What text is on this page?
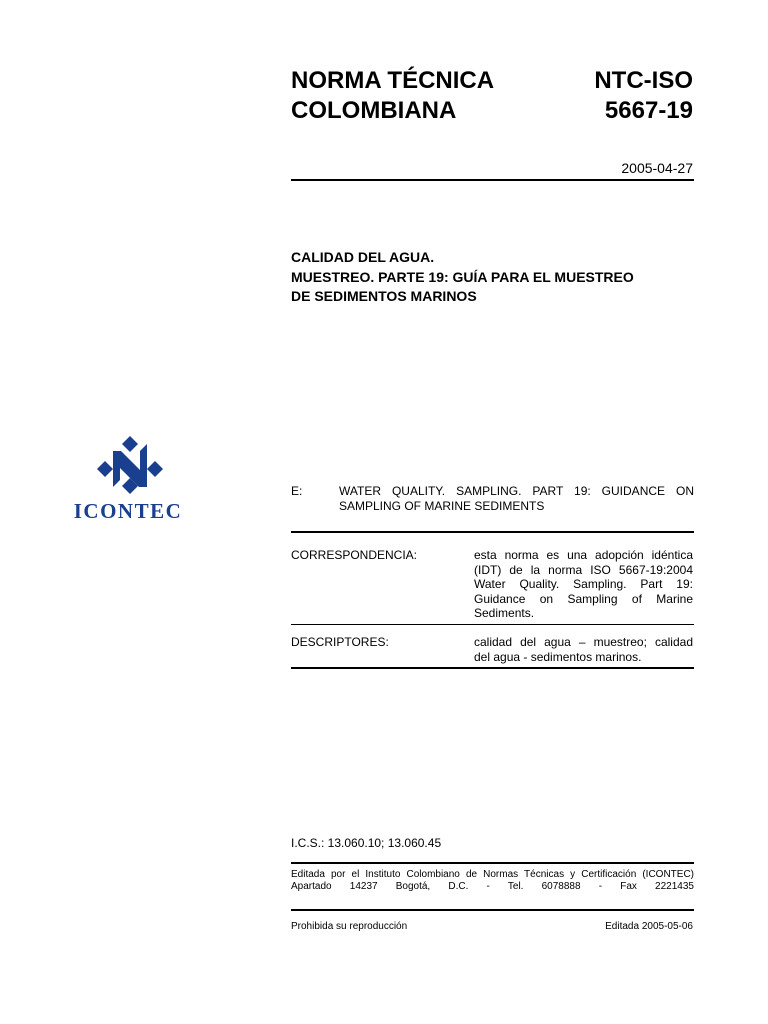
NORMA TÉCNICA
COLOMBIANA
NTC-ISO
5667-19
2005-04-27
CALIDAD DEL AGUA.
MUESTREO. PARTE 19: GUÍA PARA EL MUESTREO
DE SEDIMENTOS MARINOS
ICONTEC
E:	WATER QUALITY. SAMPLING. PART 19: GUIDANCE ON
SAMPLING OF MARINE SEDIMENTS
CORRESPONDENCIA:	esta norma es una adopción idéntica
(IDT) de la norma ISO 5667-19:2004
Water Quality. Sampling. Part 19:
Guidance on Sampling of Marine
Sediments.
DESCRIPTORES:	calidad del agua – muestreo; calidad
del agua - sedimentos marinos.
I.C.S.: 13.060.10; 13.060.45
Editada por el Instituto Colombiano de Normas Técnicas y Certificación (ICONTEC)
Apartado 14237 Bogotá, D.C. - Tel. 6078888 - Fax 2221435
Prohibida su reproducción	Editada 2005-05-06
